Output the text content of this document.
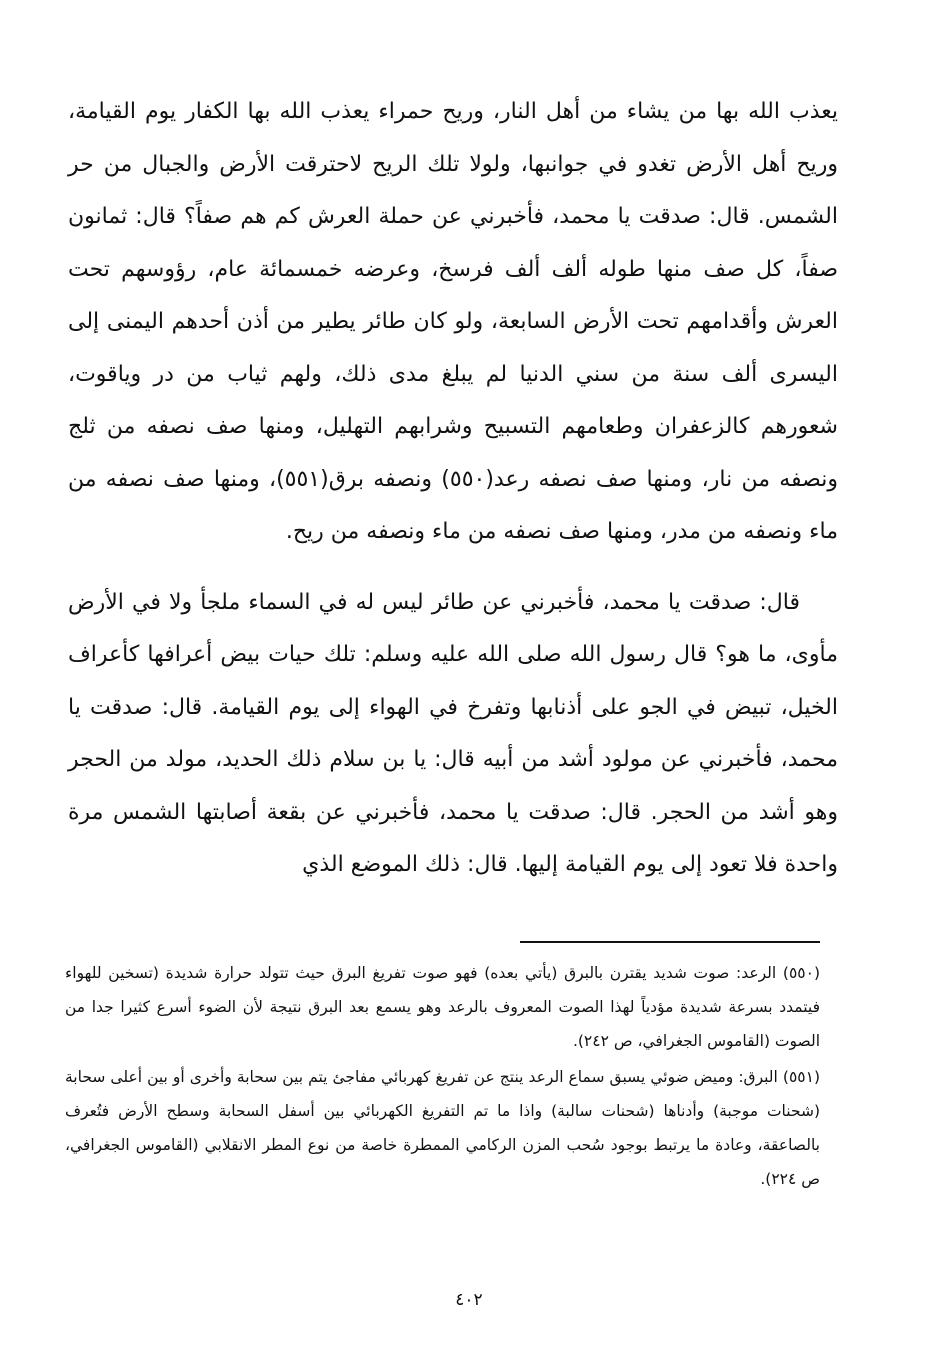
يعذب الله بها من يشاء من أهل النار، وريح حمراء يعذب الله بها الكفار يوم القيامة، وريح أهل الأرض تغدو في جوانبها، ولولا تلك الريح لاحترقت الأرض والجبال من حر الشمس. قال: صدقت يا محمد، فأخبرني عن حملة العرش كم هم صفاً؟ قال: ثمانون صفاً، كل صف منها طوله ألف ألف فرسخ، وعرضه خمسمائة عام، رؤوسهم تحت العرش وأقدامهم تحت الأرض السابعة، ولو كان طائر يطير من أذن أحدهم اليمنى إلى اليسرى ألف سنة من سني الدنيا لم يبلغ مدى ذلك، ولهم ثياب من در وياقوت، شعورهم كالزعفران وطعامهم التسبيح وشرابهم التهليل، ومنها صف نصفه من ثلج ونصفه من نار، ومنها صف نصفه رعد(٥٥٠) ونصفه برق(٥٥١)، ومنها صف نصفه من ماء ونصفه من مدر، ومنها صف نصفه من ماء ونصفه من ريح.

قال: صدقت يا محمد، فأخبرني عن طائر ليس له في السماء ملجأ ولا في الأرض مأوى، ما هو؟ قال رسول الله صلى الله عليه وسلم: تلك حيات بيض أعرافها كأعراف الخيل، تبيض في الجو على أذنابها وتفرخ في الهواء إلى يوم القيامة. قال: صدقت يا محمد، فأخبرني عن مولود أشد من أبيه قال: يا بن سلام ذلك الحديد، مولد من الحجر وهو أشد من الحجر. قال: صدقت يا محمد، فأخبرني عن بقعة أصابتها الشمس مرة واحدة فلا تعود إلى يوم القيامة إليها. قال: ذلك الموضع الذي

(٥٥٠) الرعد: صوت شديد يقترن بالبرق (يأتي بعده) فهو صوت تفريغ البرق حيث تتولد حرارة شديدة (تسخين للهواء فيتمدد بسرعة شديدة مؤدياً لهذا الصوت المعروف بالرعد وهو يسمع بعد البرق نتيجة لأن الضوء أسرع كثيرا جدا من الصوت (القاموس الجغرافي، ص ٢٤٢).

(٥٥١) البرق: وميض ضوئي يسبق سماع الرعد ينتج عن تفريغ كهربائي مفاجئ يتم بين سحابة وأخرى أو بين أعلى سحابة (شحنات موجبة) وأدناها (شحنات سالبة) واذا ما تم التفريغ الكهربائي بين أسفل السحابة وسطح الأرض فتُعرف بالصاعقة، وعادة ما يرتبط بوجود سُحب المزن الركامي الممطرة خاصة من نوع المطر الانقلابي (القاموس الجغرافي، ص ٢٢٤).

٤٠٢
